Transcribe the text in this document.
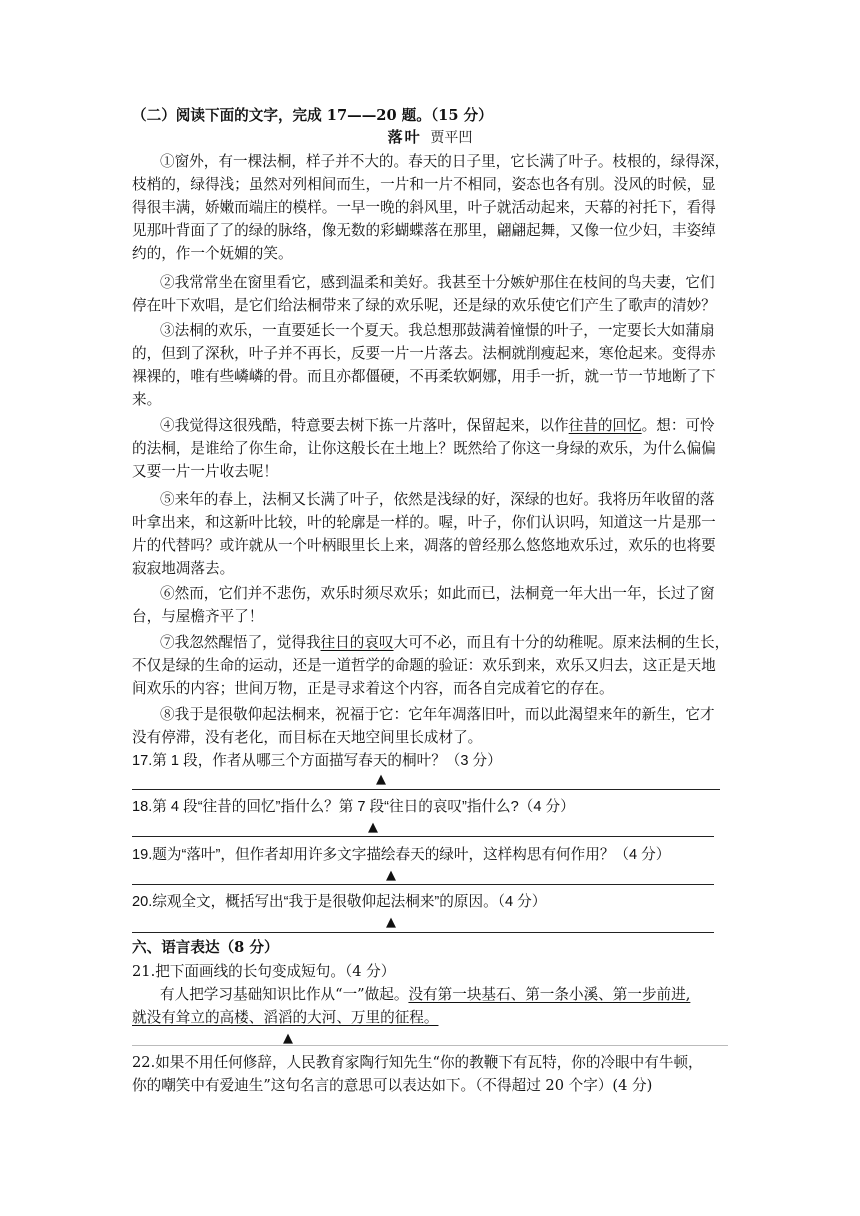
（二）阅读下面的文字，完成 17——20 题。（15 分）
落叶 贾平凹
①窗外，有一棵法桐，样子并不大的。春天的日子里，它长满了叶子。枝根的，绿得深，
枝梢的，绿得浅；虽然对列相间而生，一片和一片不相同，姿态也各有別。没风的时候，显
得很丰满，娇嫩而端庄的模样。一早一晚的斜风里，叶子就活动起来，天幕的衬托下，看得
见那叶背面了了的绿的脉络，像无数的彩蝴蝶落在那里，翩翩起舞，又像一位少妇，丰姿绰
约的，作一个妩媚的笑。
②我常常坐在窗里看它，感到温柔和美好。我甚至十分嫉妒那住在枝间的鸟夫妻，它们
停在叶下欢唱，是它们给法桐带来了绿的欢乐呢，还是绿的欢乐使它们产生了歌声的清妙？
③法桐的欢乐，一直要延长一个夏天。我总想那鼓满着憧憬的叶子，一定要长大如蒲扇
的，但到了深秋，叶子并不再长，反要一片一片落去。法桐就削瘦起来，寒伧起来。变得赤
裸裸的，唯有些嶙嶙的骨。而且亦都僵硬，不再柔软婀娜，用手一折，就一节一节地断了下
来。
④我觉得这很残酷，特意要去树下拣一片落叶，保留起来，以作往昔的回忆。想：可怜
的法桐，是谁给了你生命，让你这般长在土地上？既然给了你这一身绿的欢乐，为什么偏偏
又要一片一片收去呢！
⑤来年的春上，法桐又长满了叶子，依然是浅绿的好，深绿的也好。我将历年收留的落
叶拿出来，和这新叶比较，叶的轮廓是一样的。喔，叶子，你们认识吗，知道这一片是那一
片的代替吗？或许就从一个叶柄眼里长上来，凋落的曾经那么悠悠地欢乐过，欢乐的也将要
寂寂地凋落去。
⑥然而，它们并不悲伤，欢乐时须尽欢乐；如此而已，法桐竟一年大出一年，长过了窗
台，与屋檐齐平了！
⑦我忽然醒悟了，觉得我往日的哀叹大可不必，而且有十分的幼稚呢。原来法桐的生长，
不仅是绿的生命的运动，还是一道哲学的命题的验证：欢乐到来，欢乐又归去，这正是天地
间欢乐的内容；世间万物，正是寻求着这个内容，而各自完成着它的存在。
⑧我于是很敬仰起法桐来，祝福于它：它年年凋落旧叶，而以此渴望来年的新生，它才
没有停滞，没有老化，而目标在天地空间里长成材了。
17.第 1 段，作者从哪三个方面描写春天的桐叶？（3 分）
▲
18.第 4 段“往昔的回忆”指什么？第 7 段“往日的哀叹”指什么?（4 分）
▲
19.题为“落叶”，但作者却用许多文字描绘春天的绿叶，这样构思有何作用？（4 分）
▲
20.综观全文，概括写出“我于是很敬仰起法桐来”的原因。（4 分）
▲
六、语言表达（8 分）
21.把下面画线的长句变成短句。（4 分）
有人把学习基础知识比作从“一”做起。没有第一块基石、第一条小溪、第一步前进,
就没有耸立的高楼、滔滔的大河、万里的征程。
▲
22.如果不用任何修辞，人民教育家陶行知先生“你的教鞭下有瓦特，你的冷眼中有牛顿，
你的嘲笑中有爱迪生”这句名言的意思可以表达如下。（不得超过 20 个字）(4 分)
